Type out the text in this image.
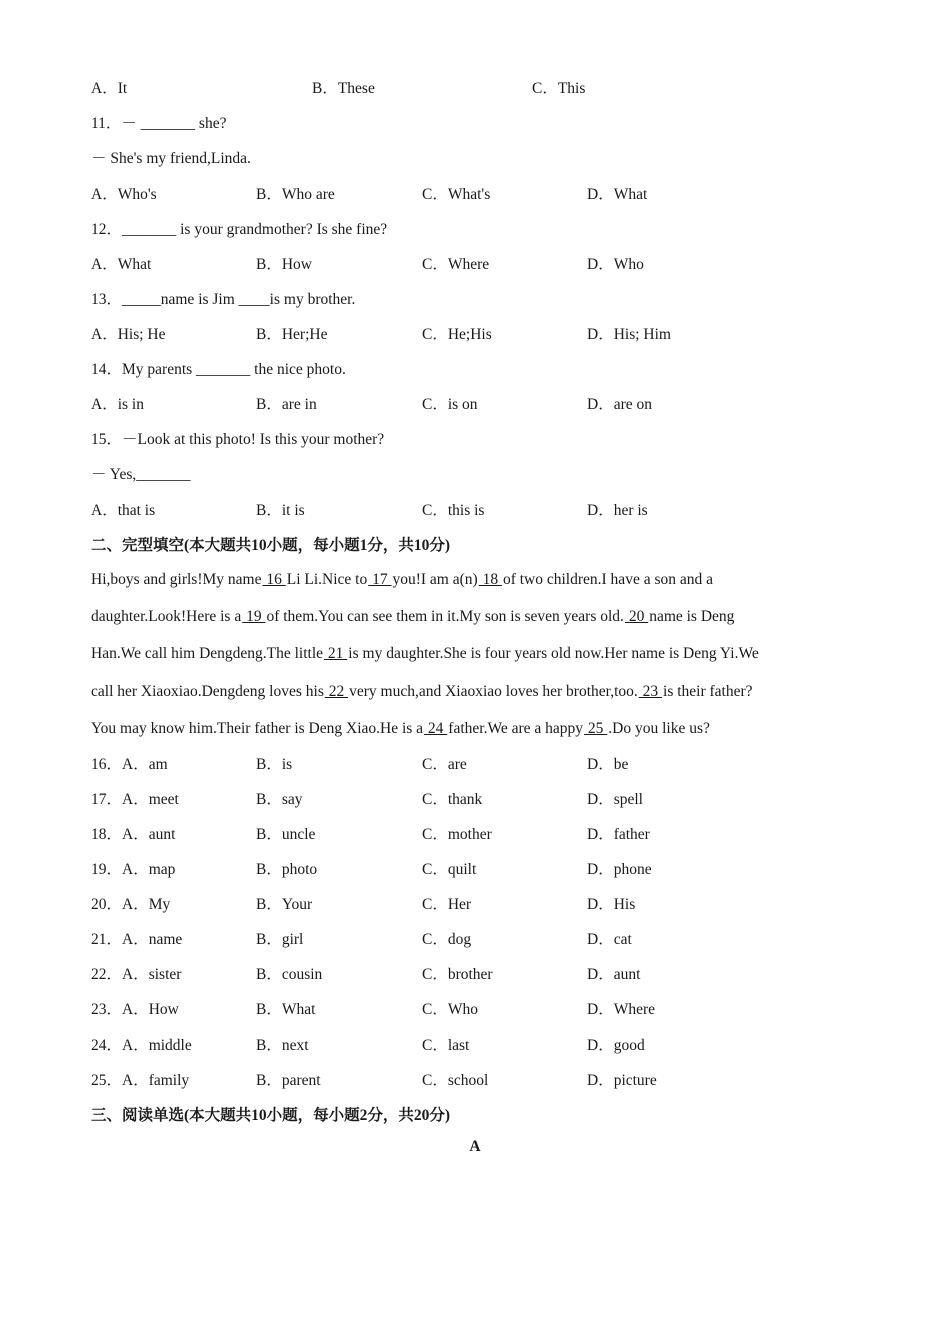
A．It	B．These	C．This
11．－ _______ she?
－ She's my friend,Linda.
A．Who's	B．Who are	C．What's	D．What
12．_______ is your grandmother? Is she fine?
A．What	B．How	C．Where	D．Who
13．_____name is Jim ____is my brother.
A．His; He	B．Her;He	C．He;His	D．His; Him
14．My parents _______ the nice photo.
A．is in	B．are in	C．is on	D．are on
15．－Look at this photo! Is this your mother?
－ Yes,_______
A．that is	B．it is	C．this is	D．her is
二、完型填空(本大题共10小题，每小题1分，共10分)

Hi,boys and girls!My name 16 Li Li.Nice to 17 you!I am a(n) 18 of two children.I have a son and a

daughter.Look!Here is a 19 of them.You can see them in it.My son is seven years old. 20 name is Deng

Han.We call him Dengdeng.The little 21 is my daughter.She is four years old now.Her name is Deng Yi.We

call her Xiaoxiao.Dengdeng loves his 22 very much,and Xiaoxiao loves her brother,too. 23 is their father?

You may know him.Their father is Deng Xiao.He is a 24 father.We are a happy 25 .Do you like us?

16．A．am	B．is	C．are	D．be
17．A．meet	B．say	C．thank	D．spell
18．A．aunt	B．uncle	C．mother	D．father
19．A．map	B．photo	C．quilt	D．phone
20．A．My	B．Your	C．Her	D．His
21．A．name	B．girl	C．dog	D．cat
22．A．sister	B．cousin	C．brother	D．aunt
23．A．How	B．What	C．Who	D．Where
24．A．middle	B．next	C．last	D．good
25．A．family	B．parent	C．school	D．picture
三、阅读单选(本大题共10小题，每小题2分，共20分)
A
